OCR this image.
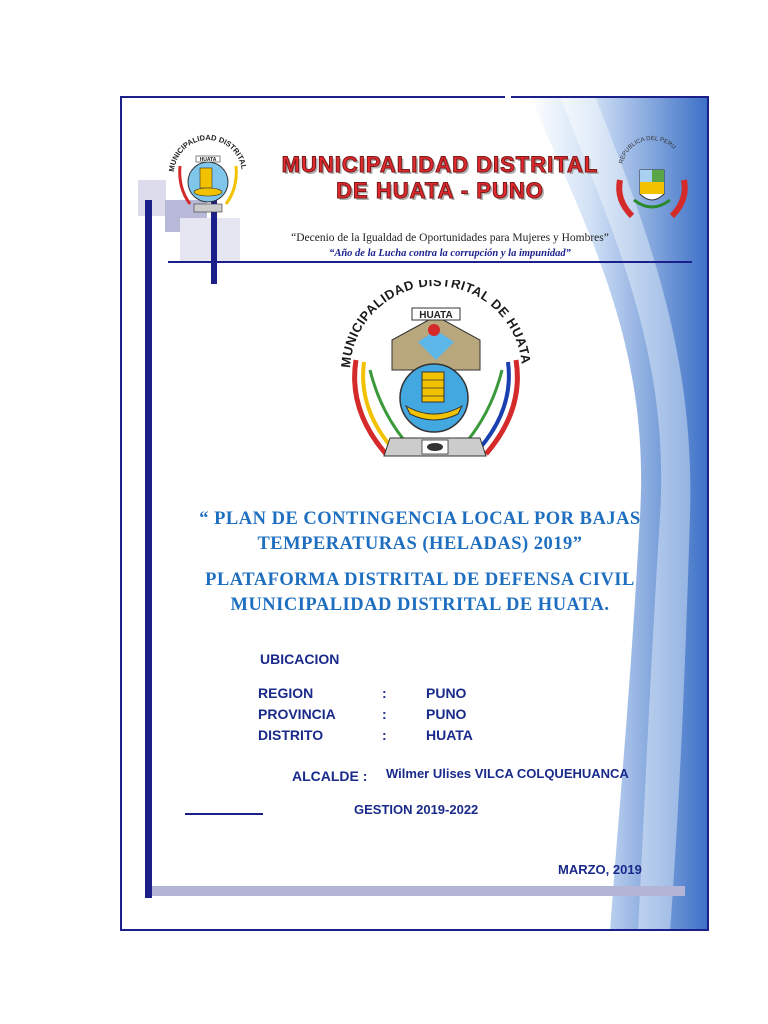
MUNICIPALIDAD DISTRITAL
HUATA	MUNICIPALIDAD DISTRITAL
DE HUATA - PUNO
REPUBLICA DEL PERU
“Decenio de la Igualdad de Oportunidades para Mujeres y Hombres”
“Año de la Lucha contra la corrupción y la impunidad”
MUNICIPALIDAD DISTRITAL DE HUATA
HUATA
“ PLAN DE CONTINGENCIA LOCAL POR BAJAS
TEMPERATURAS (HELADAS) 2019”
PLATAFORMA DISTRITAL DE DEFENSA CIVIL
MUNICIPALIDAD DISTRITAL DE HUATA.
UBICACION
REGION	:	PUNO
PROVINCIA	:	PUNO
DISTRITO	:	HUATA
ALCALDE : Wilmer Ulises VILCA COLQUEHUANCA
GESTION 2019-2022
MARZO, 2019
